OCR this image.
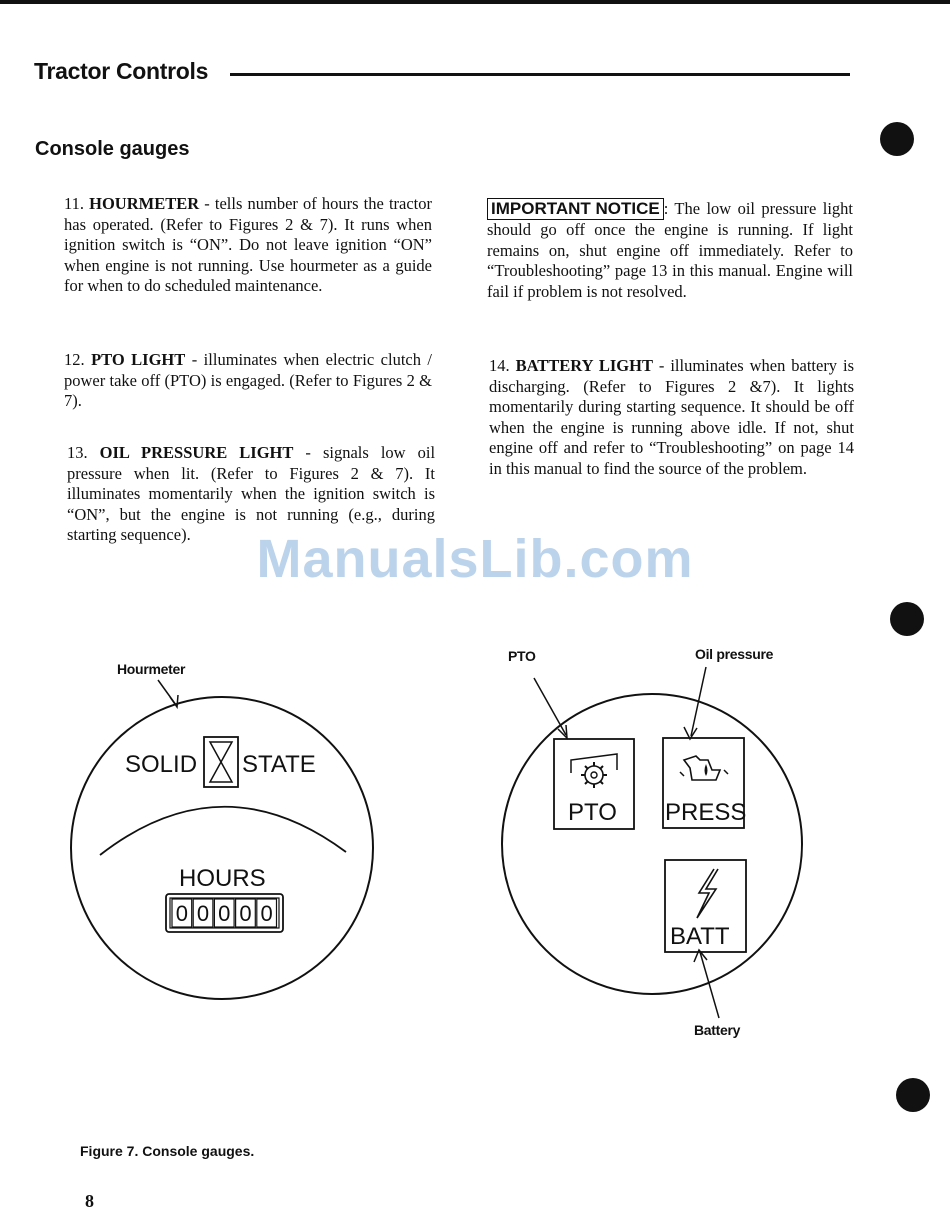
Tractor Controls
Console gauges

11. HOURMETER - tells number of hours the tractor has operated. (Refer to Figures 2 & 7). It runs when ignition switch is “ON”. Do not leave ignition “ON” when engine is not running. Use hourmeter as a guide for when to do scheduled maintenance.

12. PTO LIGHT - illuminates when electric clutch / power take off (PTO) is engaged. (Refer to Figures 2 & 7).

13. OIL PRESSURE LIGHT - signals low oil pressure when lit. (Refer to Figures 2 & 7). It illuminates momentarily when the ignition switch is “ON”, but the engine is not running (e.g., during starting sequence).

IMPORTANT NOTICE : The low oil pressure light should go off once the engine is running. If light remains on, shut engine off immediately. Refer to “Troubleshooting” page 13 in this manual. Engine will fail if problem is not resolved.

14. BATTERY LIGHT - illuminates when battery is discharging. (Refer to Figures 2 &7). It lights momentarily during starting sequence. It should be off when the engine is running above idle. If not, shut engine off and refer to “Troubleshooting” on page 14 in this manual to find the source of the problem.

ManualsLib.com
Hourmeter
PTO	Oil pressure
Battery
SOLID STATE
HOURS
0 0 0 0 0
PTO PRESS
BATT
Figure 7. Console gauges.
8
